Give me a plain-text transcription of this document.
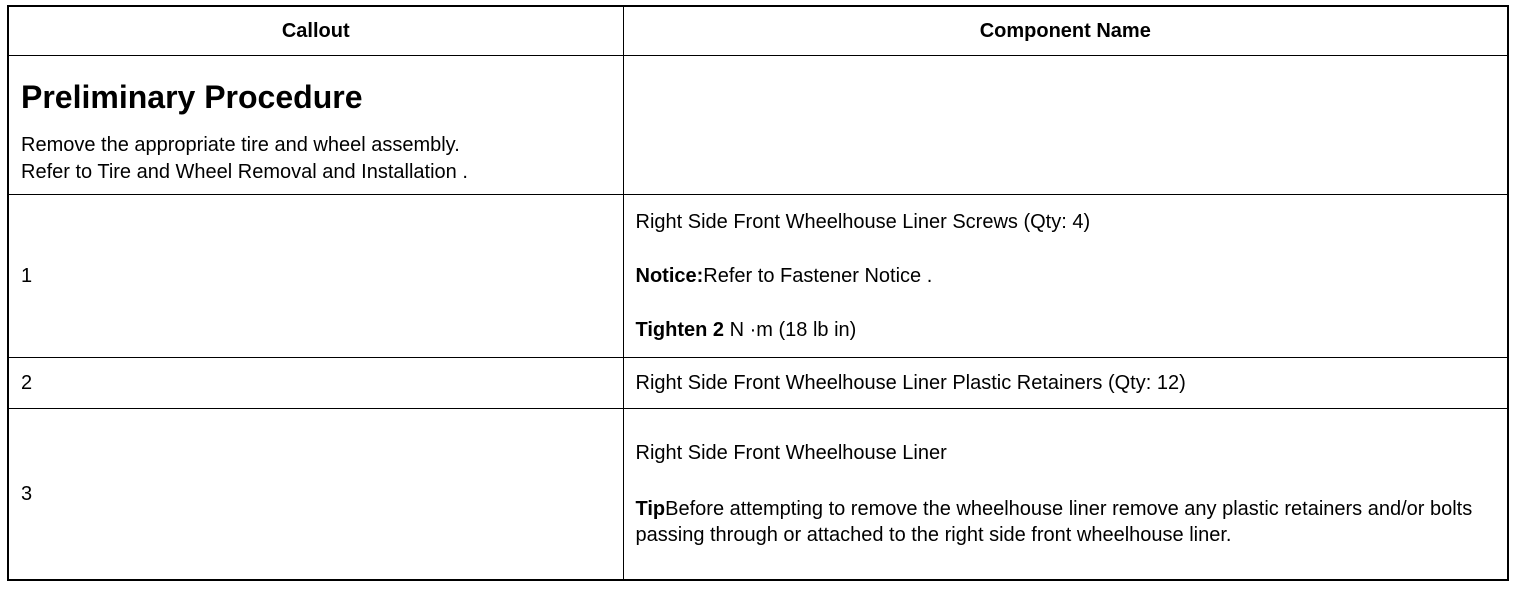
Callout	Component Name

Preliminary Procedure
Remove the appropriate tire and wheel assembly.
Refer to Tire and Wheel Removal and Installation .	

1	Right Side Front Wheelhouse Liner Screws (Qty: 4)

Notice:Refer to Fastener Notice .

Tighten 2 N ·m (18 lb in)

2	Right Side Front Wheelhouse Liner Plastic Retainers (Qty: 12)

3	Right Side Front Wheelhouse Liner

TipBefore attempting to remove the wheelhouse liner remove any plastic retainers and/or bolts passing through or attached to the right side front wheelhouse liner.
